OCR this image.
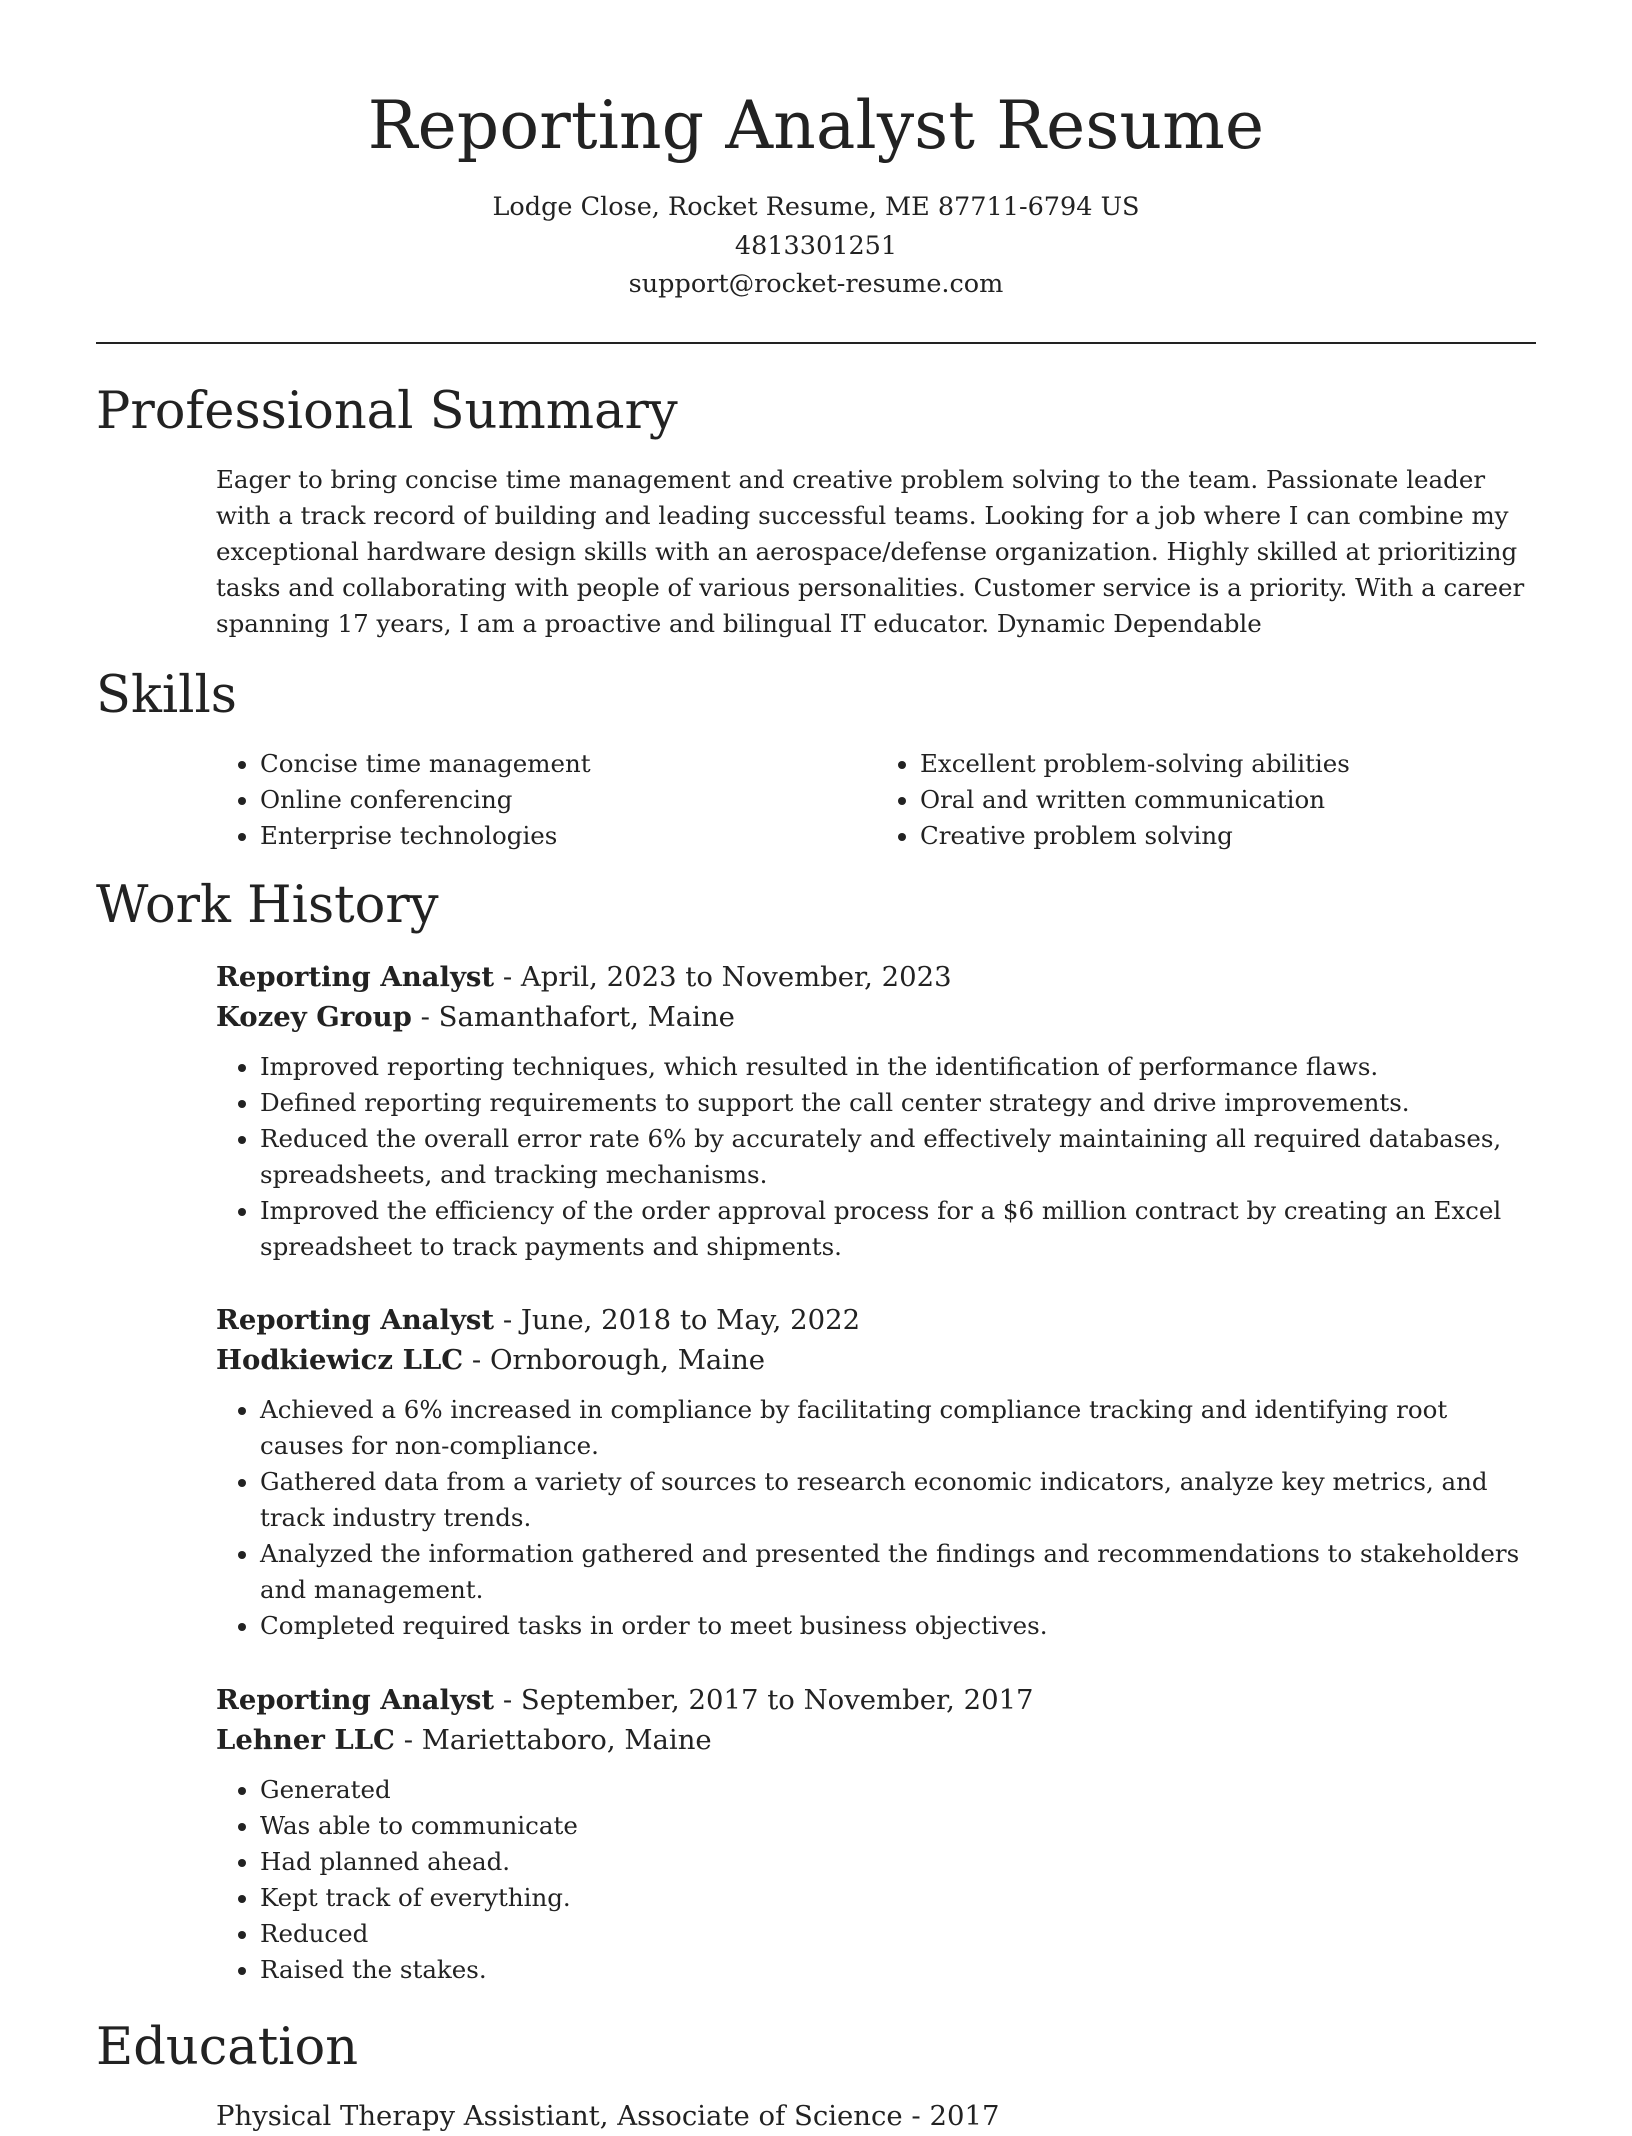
Reporting Analyst Resume
Lodge Close, Rocket Resume, ME 87711-6794 US
4813301251
support@rocket-resume.com
Professional Summary

Eager to bring concise time management and creative problem solving to the team. Passionate leader with a track record of building and leading successful teams. Looking for a job where I can combine my exceptional hardware design skills with an aerospace/defense organization. Highly skilled at prioritizing tasks and collaborating with people of various personalities. Customer service is a priority. With a career spanning 17 years, I am a proactive and bilingual IT educator. Dynamic Dependable

Skills
• Concise time management
• Online conferencing
• Enterprise technologies
• Excellent problem-solving abilities
• Oral and written communication
• Creative problem solving
Work History
Reporting Analyst - April, 2023 to November, 2023
Kozey Group - Samanthafort, Maine
• Improved reporting techniques, which resulted in the identification of performance flaws.
• Defined reporting requirements to support the call center strategy and drive improvements.
• Reduced the overall error rate 6% by accurately and effectively maintaining all required databases, spreadsheets, and tracking mechanisms.
• Improved the efficiency of the order approval process for a $6 million contract by creating an Excel spreadsheet to track payments and shipments.
Reporting Analyst - June, 2018 to May, 2022
Hodkiewicz LLC - Ornborough, Maine
• Achieved a 6% increased in compliance by facilitating compliance tracking and identifying root causes for non-compliance.
• Gathered data from a variety of sources to research economic indicators, analyze key metrics, and track industry trends.
• Analyzed the information gathered and presented the findings and recommendations to stakeholders and management.
• Completed required tasks in order to meet business objectives.
Reporting Analyst - September, 2017 to November, 2017
Lehner LLC - Mariettaboro, Maine
• Generated
• Was able to communicate
• Had planned ahead.
• Kept track of everything.
• Reduced
• Raised the stakes.
Education
Physical Therapy Assistiant, Associate of Science - 2017
